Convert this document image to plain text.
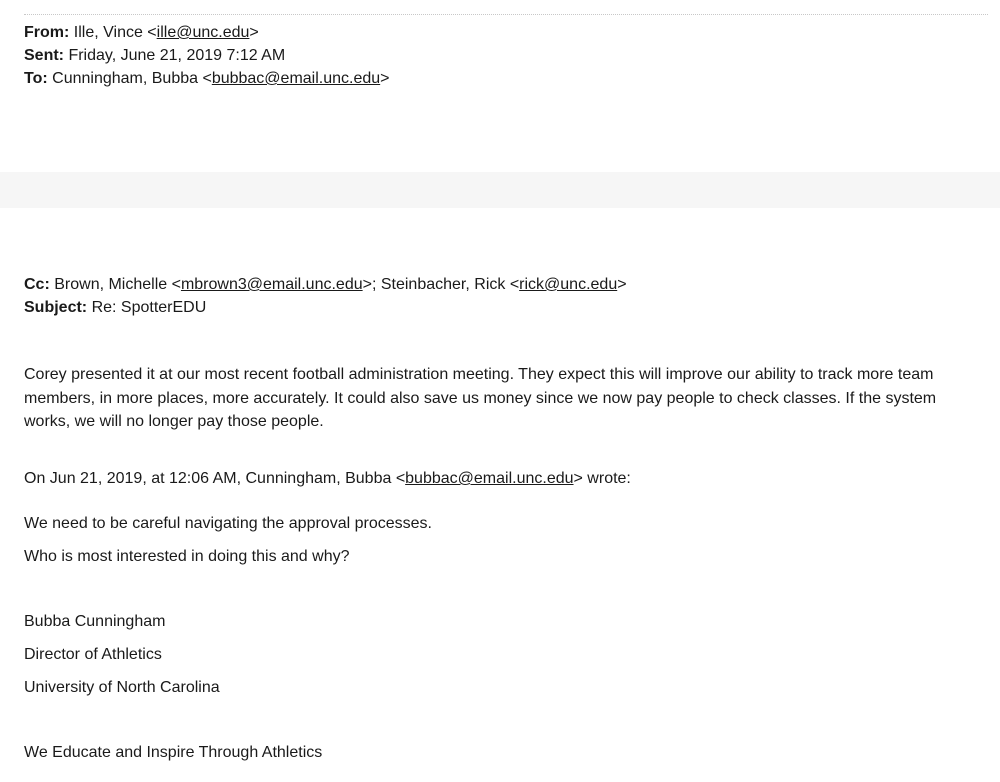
From: Ille, Vince <ille@unc.edu>
Sent: Friday, June 21, 2019 7:12 AM
To: Cunningham, Bubba <bubbac@email.unc.edu>
Cc: Brown, Michelle <mbrown3@email.unc.edu>; Steinbacher, Rick <rick@unc.edu>
Subject: Re: SpotterEDU

Corey presented it at our most recent football administration meeting. They expect this will improve our ability to track more team members, in more places, more accurately. It could also save us money since we now pay people to check classes. If the system works, we will no longer pay those people.

On Jun 21, 2019, at 12:06 AM, Cunningham, Bubba <bubbac@email.unc.edu> wrote:
We need to be careful navigating the approval processes.
Who is most interested in doing this and why?
Bubba Cunningham
Director of Athletics
University of North Carolina
We Educate and Inspire Through Athletics
